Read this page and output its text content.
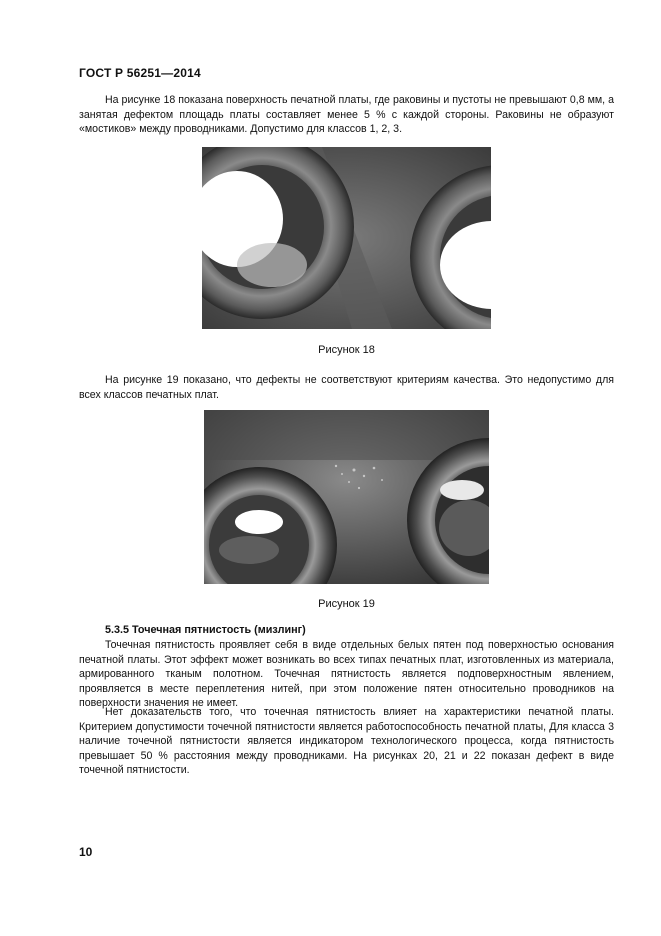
ГОСТ Р 56251—2014

На рисунке 18 показана поверхность печатной платы, где раковины и пустоты не превышают 0,8 мм, а занятая дефектом площадь платы составляет менее 5 % с каждой стороны. Раковины не образуют «мостиков» между проводниками. Допустимо для классов 1, 2, 3.

Рисунок 18

На рисунке 19 показано, что дефекты не соответствуют критериям качества. Это недопустимо для всех классов печатных плат.

Рисунок 19
5.3.5 Точечная пятнистость (мизлинг)

Точечная пятнистость проявляет себя в виде отдельных белых пятен под поверхностью основания печатной платы. Этот эффект может возникать во всех типах печатных плат, изготовленных из материала, армированного тканым полотном. Точечная пятнистость является подповерхностным явлением, проявляется в месте переплетения нитей, при этом положение пятен относительно проводников на поверхности значения не имеет.

Нет доказательств того, что точечная пятнистость влияет на характеристики печатной платы. Критерием допустимости точечной пятнистости является работоспособность печатной платы, Для класса 3 наличие точечной пятнистости является индикатором технологического процесса, когда пятнистость превышает 50 % расстояния между проводниками. На рисунках 20, 21 и 22 показан дефект в виде точечной пятнистости.

10
